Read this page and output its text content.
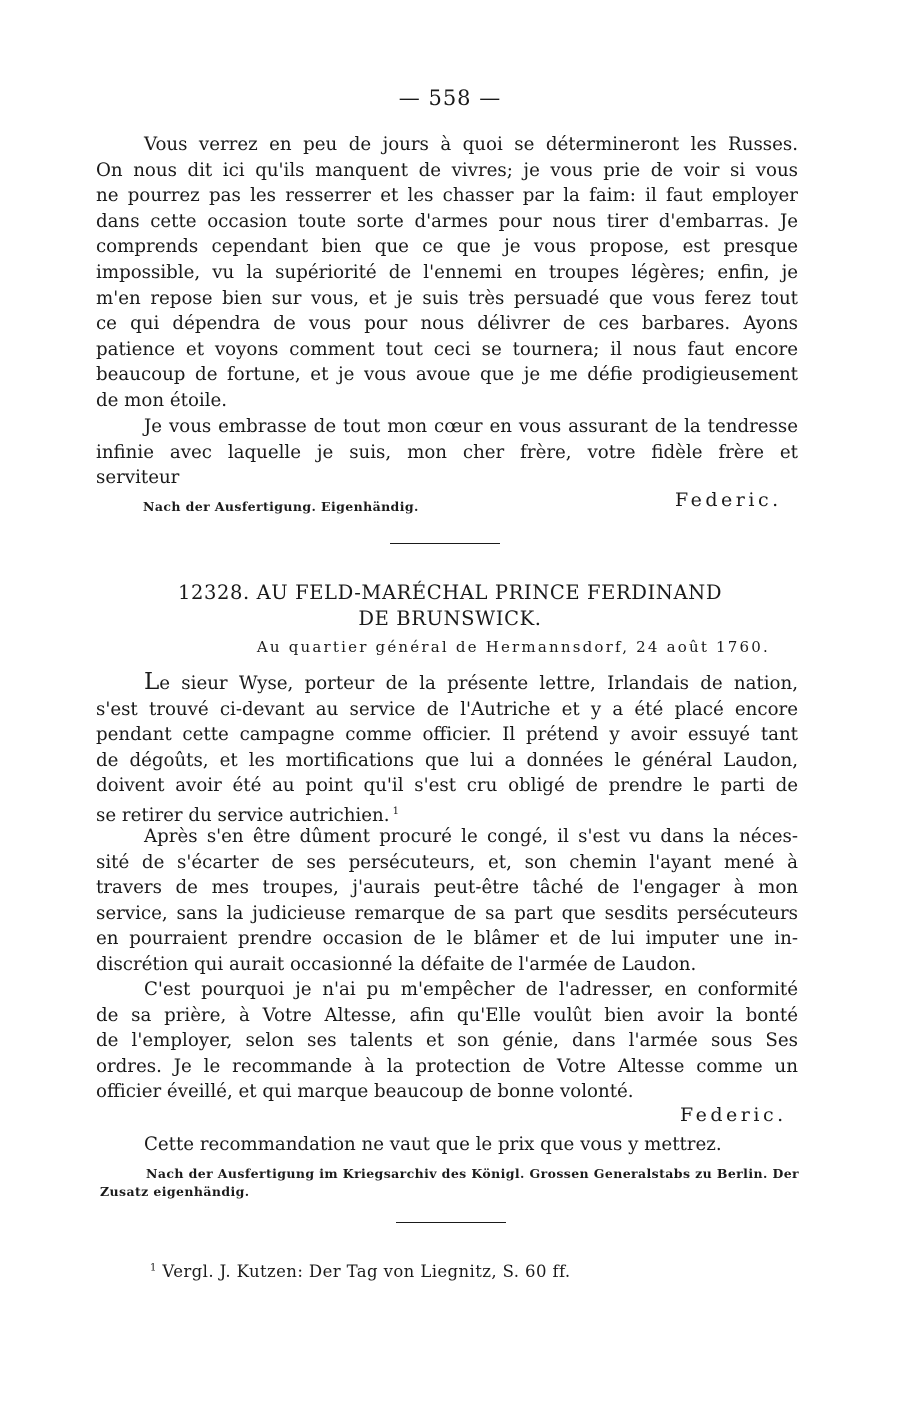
— 558 —

Vous verrez en peu de jours à quoi se détermineront les Russes.
On nous dit ici qu'ils manquent de vivres; je vous prie de voir si vous
ne pourrez pas les resserrer et les chasser par la faim: il faut employer
dans cette occasion toute sorte d'armes pour nous tirer d'embarras. Je
comprends cependant bien que ce que je vous propose, est presque
impossible, vu la supériorité de l'ennemi en troupes légères; enfin, je
m'en repose bien sur vous, et je suis très persuadé que vous ferez tout
ce qui dépendra de vous pour nous délivrer de ces barbares. Ayons
patience et voyons comment tout ceci se tournera; il nous faut encore
beaucoup de fortune, et je vous avoue que je me défie prodigieusement
de mon étoile.

Je vous embrasse de tout mon cœur en vous assurant de la tendresse
infinie avec laquelle je suis, mon cher frère, votre fidèle frère et
serviteur

Nach der Ausfertigung. Eigenhändig.	Federic.
12328. AU FELD-MARÉCHAL PRINCE FERDINAND
DE BRUNSWICK.
Au quartier général de Hermannsdorf, 24 août 1760.

Le sieur Wyse, porteur de la présente lettre, Irlandais de nation,
s'est trouvé ci-devant au service de l'Autriche et y a été placé encore
pendant cette campagne comme officier. Il prétend y avoir essuyé tant
de dégoûts, et les mortifications que lui a données le général Laudon,
doivent avoir été au point qu'il s'est cru obligé de prendre le parti de
se retirer du service autrichien. $^1$

Après s'en être dûment procuré le congé, il s'est vu dans la néces-
sité de s'écarter de ses persécuteurs, et, son chemin l'ayant mené à
travers de mes troupes, j'aurais peut-être tâché de l'engager à mon
service, sans la judicieuse remarque de sa part que sesdits persécuteurs
en pourraient prendre occasion de le blâmer et de lui imputer une in-
discrétion qui aurait occasionné la défaite de l'armée de Laudon.

C'est pourquoi je n'ai pu m'empêcher de l'adresser, en conformité
de sa prière, à Votre Altesse, afin qu'Elle voulût bien avoir la bonté
de l'employer, selon ses talents et son génie, dans l'armée sous Ses
ordres. Je le recommande à la protection de Votre Altesse comme un
officier éveillé, et qui marque beaucoup de bonne volonté.

Federic.

Cette recommandation ne vaut que le prix que vous y mettrez.

Nach der Ausfertigung im Kriegsarchiv des Königl. Grossen Generalstabs zu Berlin. Der
Zusatz eigenhändig.
$^1$ Vergl. J. Kutzen: Der Tag von Liegnitz, S. 60 ff.
